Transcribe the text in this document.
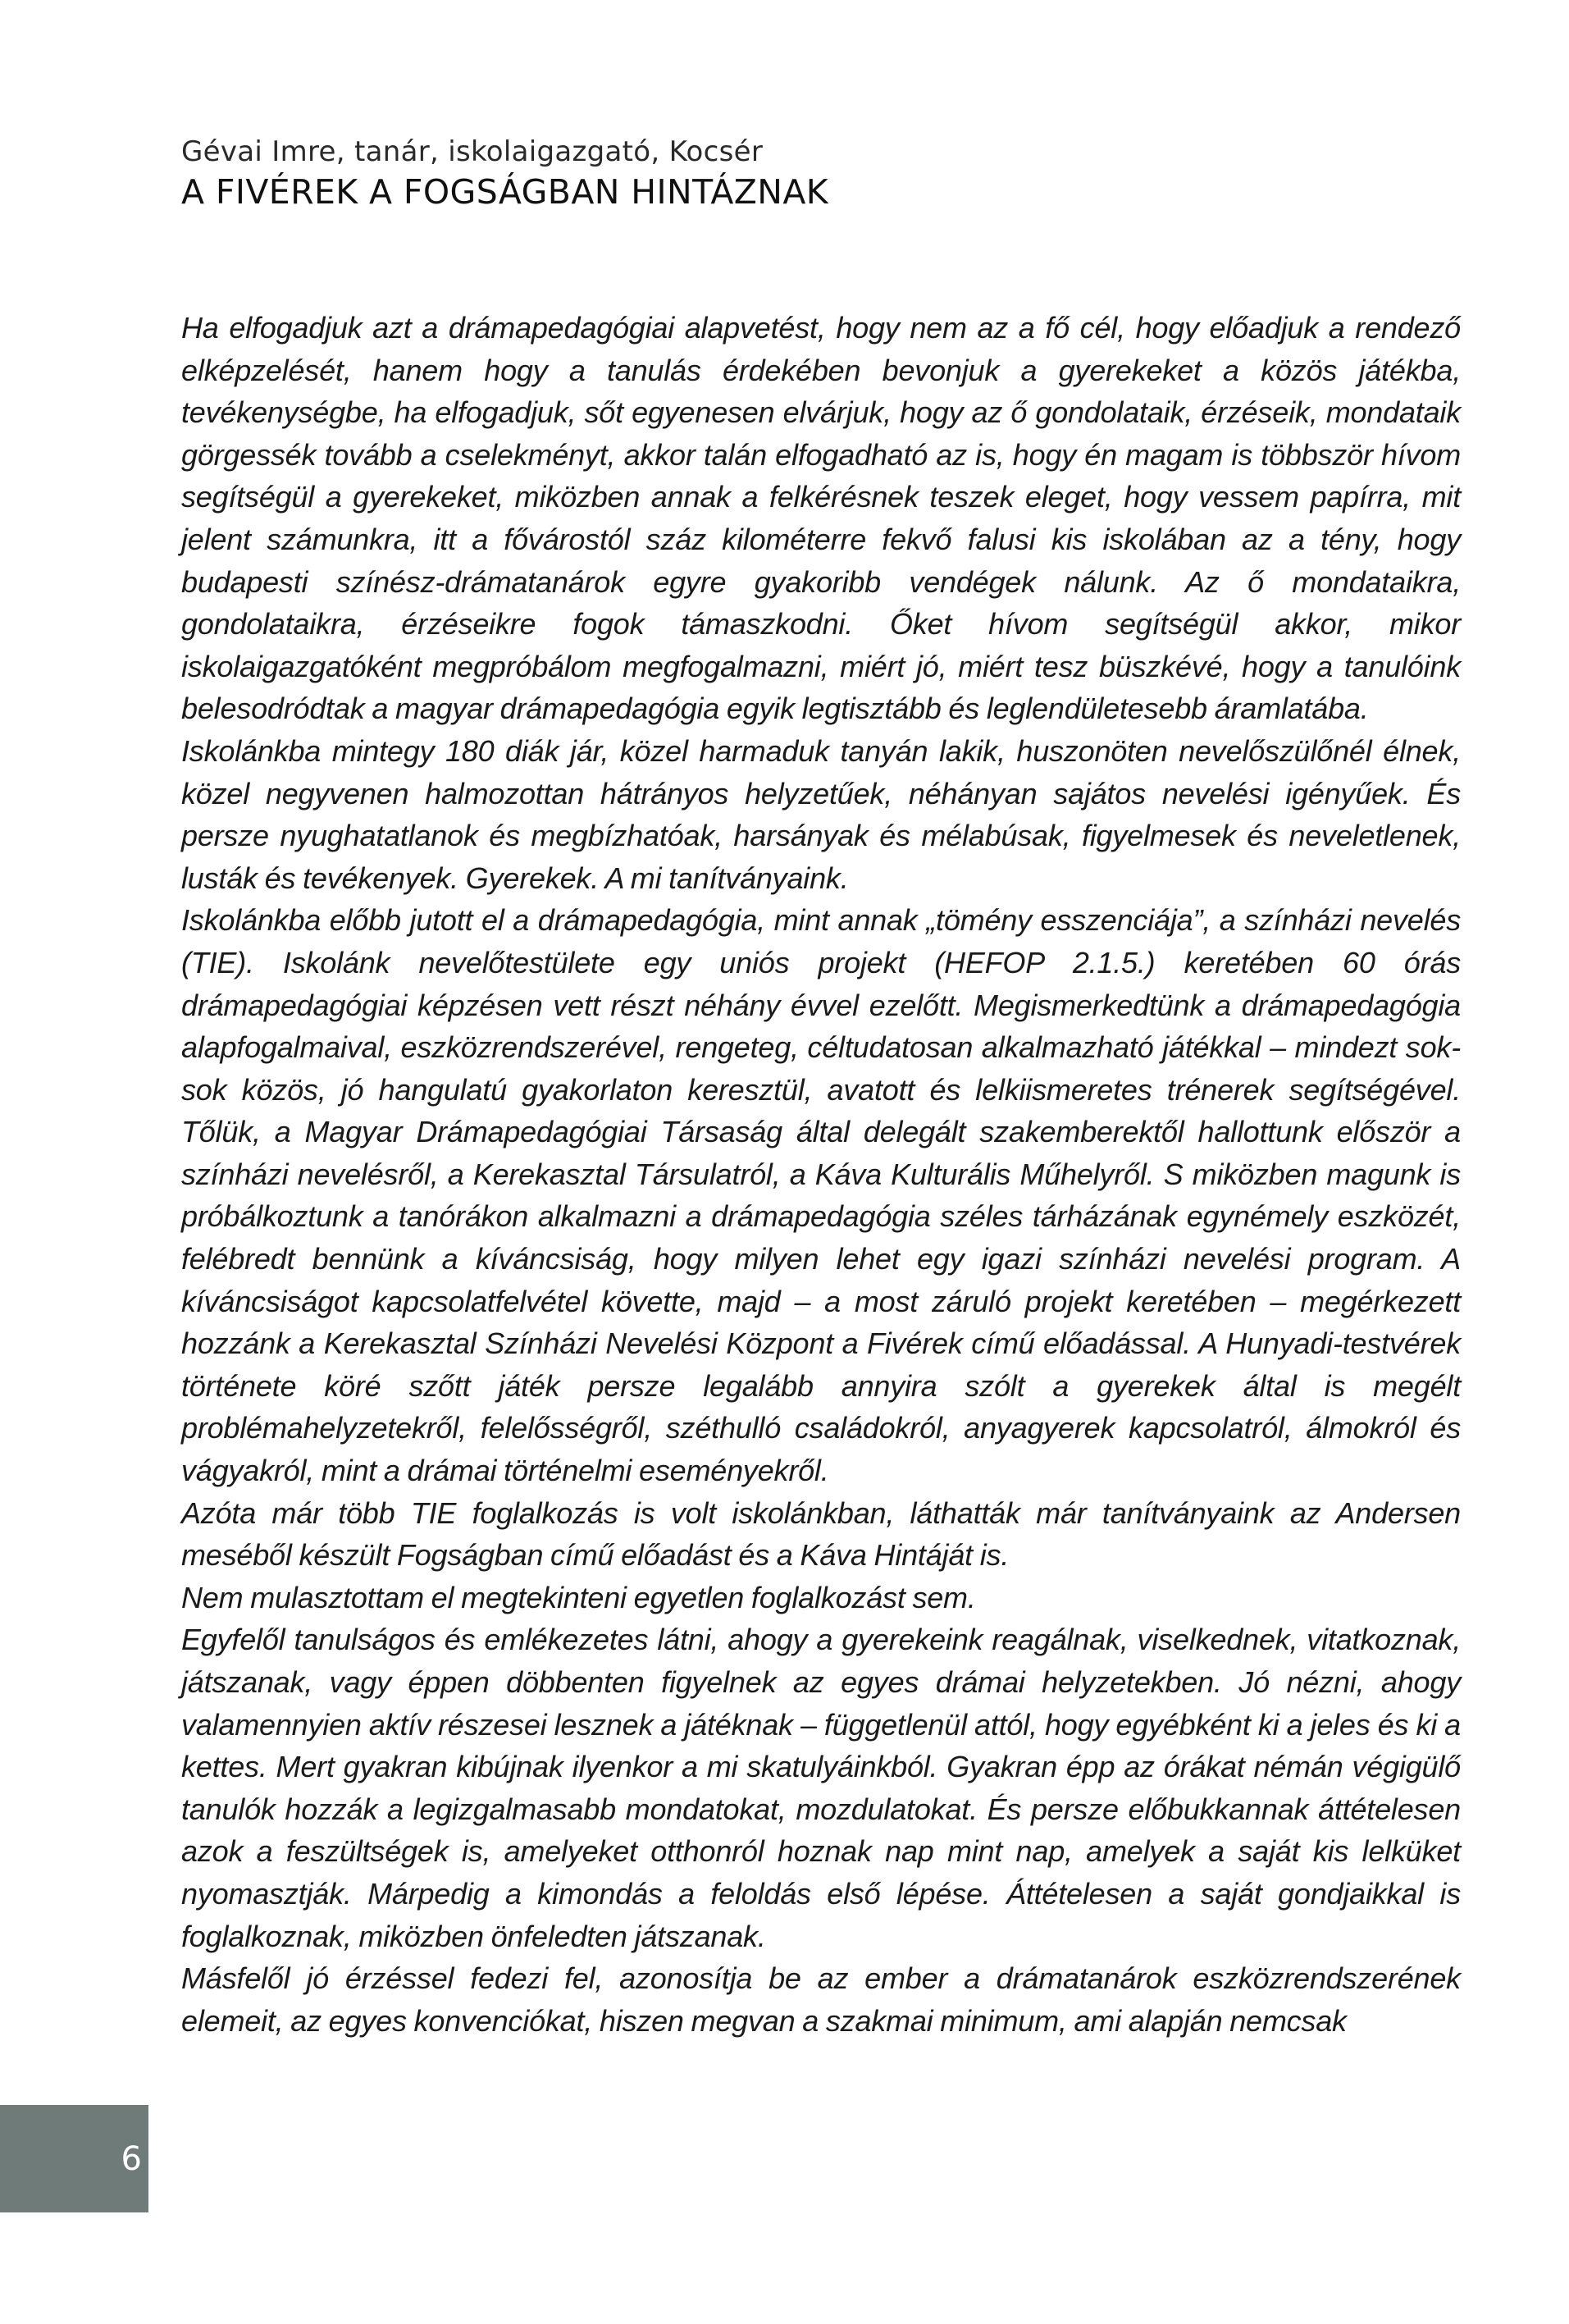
Gévai Imre, tanár, iskolaigazgató, Kocsér
A FIVÉREK A FOGSÁGBAN HINTÁZNAK

Ha elfogadjuk azt a drámapedagógiai alapvetést, hogy nem az a fő cél, hogy előadjuk a rendező elképzelését, hanem hogy a tanulás érdekében bevonjuk a gyerekeket a közös játékba, tevékenységbe, ha elfogadjuk, sőt egyenesen elvárjuk, hogy az ő gondolataik, érzéseik, mondataik görgessék tovább a cselekményt, akkor talán elfogadható az is, hogy én magam is többször hívom segítségül a gyerekeket, miközben annak a felkérésnek teszek eleget, hogy vessem papírra, mit jelent számunkra, itt a fővárostól száz kilométerre fekvő falusi kis iskolában az a tény, hogy budapesti színész-drámatanárok egyre gyakoribb vendégek nálunk. Az ő mondataikra, gondolataikra, érzéseikre fogok támaszkodni. Őket hívom segítségül akkor, mikor iskolaigazgatóként megpróbálom megfogalmazni, miért jó, miért tesz büszkévé, hogy a tanulóink belesodródtak a magyar drámapedagógia egyik legtisztább és leglendületesebb áramlatába.

Iskolánkba mintegy 180 diák jár, közel harmaduk tanyán lakik, huszonöten nevelőszülőnél élnek, közel negyvenen halmozottan hátrányos helyzetűek, néhányan sajátos nevelési igényűek. És persze nyughatatlanok és megbízhatóak, harsányak és mélabúsak, figyelmesek és neveletlenek, lusták és tevékenyek. Gyerekek. A mi tanítványaink.

Iskolánkba előbb jutott el a drámapedagógia, mint annak „tömény esszenciája”, a színházi nevelés (TIE). Iskolánk nevelőtestülete egy uniós projekt (HEFOP 2.1.5.) keretében 60 órás drámapedagógiai képzésen vett részt néhány évvel ezelőtt. Megismerkedtünk a drámapedagógia alapfogalmaival, eszközrendszerével, rengeteg, céltudatosan alkalmazható játékkal – mindezt sok-sok közös, jó hangulatú gyakorlaton keresztül, avatott és lelkiismeretes trénerek segítségével. Tőlük, a Magyar Drámapedagógiai Társaság által delegált szakemberektől hallottunk először a színházi nevelésről, a Kerekasztal Társulatról, a Káva Kulturális Műhelyről. S miközben magunk is próbálkoztunk a tanórákon alkalmazni a drámapedagógia széles tárházának egynémely eszközét, felébredt bennünk a kíváncsiság, hogy milyen lehet egy igazi színházi nevelési program. A kíváncsiságot kapcsolatfelvétel követte, majd – a most záruló projekt keretében – megérkezett hozzánk a Kerekasztal Színházi Nevelési Központ a Fivérek című előadással. A Hunyadi-testvérek története köré szőtt játék persze legalább annyira szólt a gyerekek által is megélt problémahelyzetekről, felelősségről, széthulló családokról, anyagyerek kapcsolatról, álmokról és vágyakról, mint a drámai történelmi eseményekről.

Azóta már több TIE foglalkozás is volt iskolánkban, láthatták már tanítványaink az Andersen meséből készült Fogságban című előadást és a Káva Hintáját is.

Nem mulasztottam el megtekinteni egyetlen foglalkozást sem.

Egyfelől tanulságos és emlékezetes látni, ahogy a gyerekeink reagálnak, viselkednek, vitatkoznak, játszanak, vagy éppen döbbenten figyelnek az egyes drámai helyzetekben. Jó nézni, ahogy valamennyien aktív részesei lesznek a játéknak – függetlenül attól, hogy egyébként ki a jeles és ki a kettes. Mert gyakran kibújnak ilyenkor a mi skatulyáinkból. Gyakran épp az órákat némán végigülő tanulók hozzák a legizgalmasabb mondatokat, mozdulatokat. És persze előbukkannak áttételesen azok a feszültségek is, amelyeket otthonról hoznak nap mint nap, amelyek a saját kis lelküket nyomasztják. Márpedig a kimondás a feloldás első lépése. Áttételesen a saját gondjaikkal is foglalkoznak, miközben önfeledten játszanak.

Másfelől jó érzéssel fedezi fel, azonosítja be az ember a drámatanárok eszközrendszerének elemeit, az egyes konvenciókat, hiszen megvan a szakmai minimum, ami alapján nemcsak

6
